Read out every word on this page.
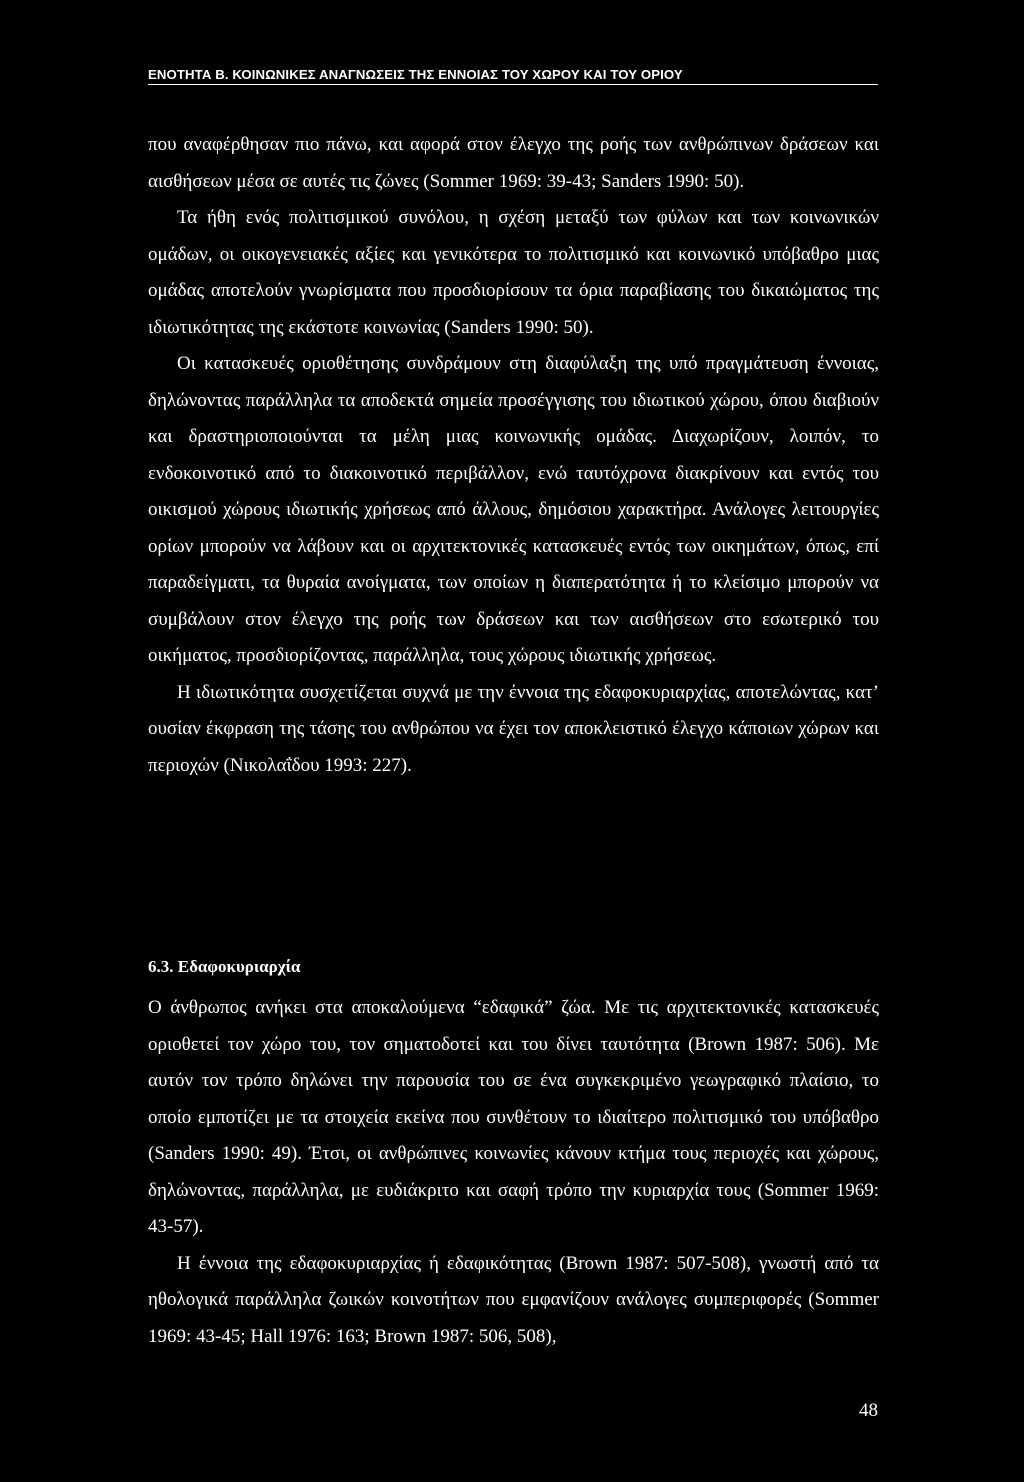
ΕΝΟΤΗΤΑ Β. ΚΟΙΝΩΝΙΚΕΣ ΑΝΑΓΝΩΣΕΙΣ ΤΗΣ ΕΝΝΟΙΑΣ ΤΟΥ ΧΩΡΟΥ ΚΑΙ ΤΟΥ ΟΡΙΟΥ

που αναφέρθησαν πιο πάνω, και αφορά στον έλεγχο της ροής των ανθρώπινων δράσεων και αισθήσεων μέσα σε αυτές τις ζώνες (Sommer 1969: 39-43; Sanders 1990: 50).

Τα ήθη ενός πολιτισμικού συνόλου, η σχέση μεταξύ των φύλων και των κοινωνικών ομάδων, οι οικογενειακές αξίες και γενικότερα το πολιτισμικό και κοινωνικό υπόβαθρο μιας ομάδας αποτελούν γνωρίσματα που προσδιορίσουν τα όρια παραβίασης του δικαιώματος της ιδιωτικότητας της εκάστοτε κοινωνίας (Sanders 1990: 50).

Οι κατασκευές οριοθέτησης συνδράμουν στη διαφύλαξη της υπό πραγμάτευση έννοιας, δηλώνοντας παράλληλα τα αποδεκτά σημεία προσέγγισης του ιδιωτικού χώρου, όπου διαβιούν και δραστηριοποιούνται τα μέλη μιας κοινωνικής ομάδας. Διαχωρίζουν, λοιπόν, το ενδοκοινοτικό από το διακοινοτικό περιβάλλον, ενώ ταυτόχρονα διακρίνουν και εντός του οικισμού χώρους ιδιωτικής χρήσεως από άλλους, δημόσιου χαρακτήρα. Ανάλογες λειτουργίες ορίων μπορούν να λάβουν και οι αρχιτεκτονικές κατασκευές εντός των οικημάτων, όπως, επί παραδείγματι, τα θυραία ανοίγματα, των οποίων η διαπερατότητα ή το κλείσιμο μπορούν να συμβάλουν στον έλεγχο της ροής των δράσεων και των αισθήσεων στο εσωτερικό του οικήματος, προσδιορίζοντας, παράλληλα, τους χώρους ιδιωτικής χρήσεως.

Η ιδιωτικότητα συσχετίζεται συχνά με την έννοια της εδαφοκυριαρχίας, αποτελώντας, κατ’ ουσίαν έκφραση της τάσης του ανθρώπου να έχει τον αποκλειστικό έλεγχο κάποιων χώρων και περιοχών (Νικολαΐδου 1993: 227).

6.3. Εδαφοκυριαρχία

Ο άνθρωπος ανήκει στα αποκαλούμενα “εδαφικά” ζώα. Με τις αρχιτεκτονικές κατασκευές οριοθετεί τον χώρο του, τον σηματοδοτεί και του δίνει ταυτότητα (Brown 1987: 506). Με αυτόν τον τρόπο δηλώνει την παρουσία του σε ένα συγκεκριμένο γεωγραφικό πλαίσιο, το οποίο εμποτίζει με τα στοιχεία εκείνα που συνθέτουν το ιδιαίτερο πολιτισμικό του υπόβαθρο (Sanders 1990: 49). Έτσι, οι ανθρώπινες κοινωνίες κάνουν κτήμα τους περιοχές και χώρους, δηλώνοντας, παράλληλα, με ευδιάκριτο και σαφή τρόπο την κυριαρχία τους (Sommer 1969: 43-57).

Η έννοια της εδαφοκυριαρχίας ή εδαφικότητας (Brown 1987: 507-508), γνωστή από τα ηθολογικά παράλληλα ζωικών κοινοτήτων που εμφανίζουν ανάλογες συμπεριφορές (Sommer 1969: 43-45; Hall 1976: 163; Brown 1987: 506, 508),

48
